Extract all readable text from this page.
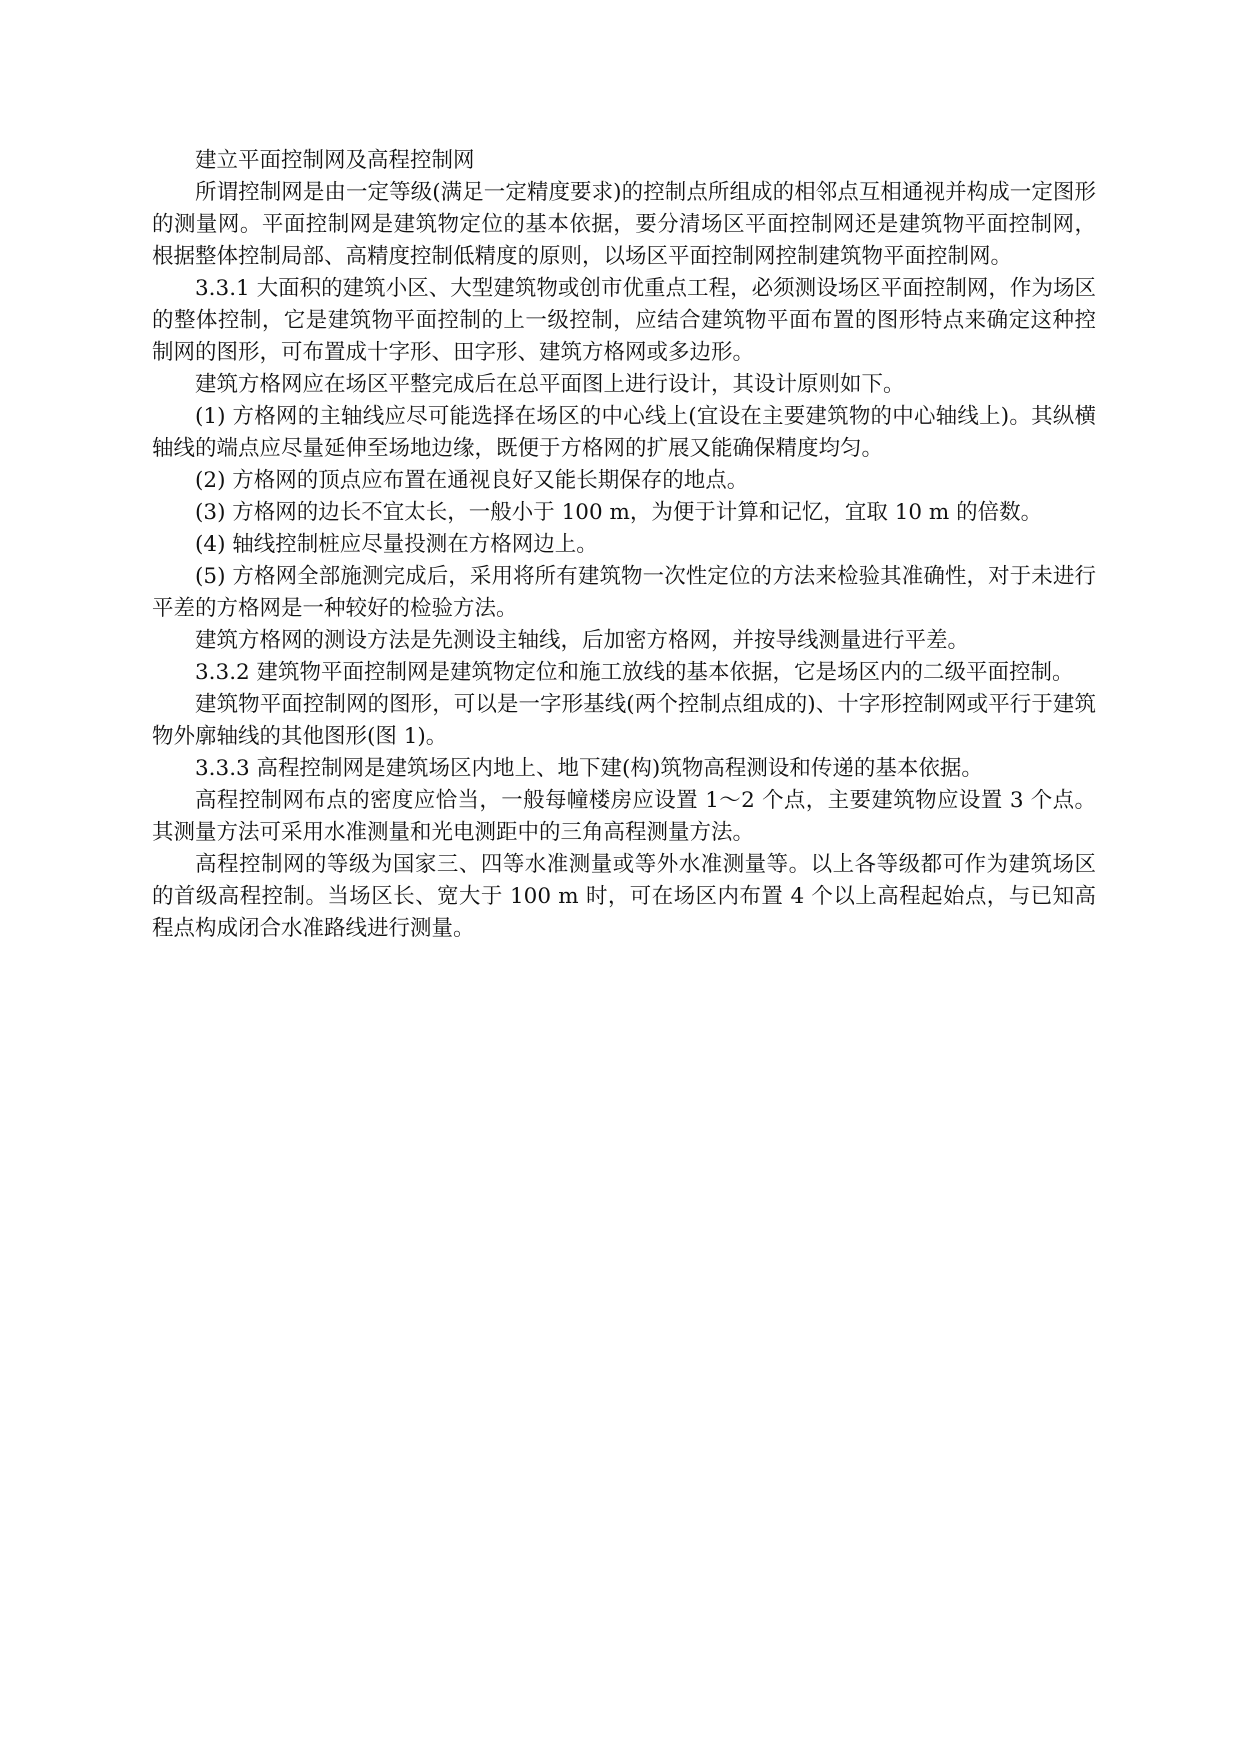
建立平面控制网及高程控制网

所谓控制网是由一定等级(满足一定精度要求)的控制点所组成的相邻点互相通视并构成一定图形的测量网。平面控制网是建筑物定位的基本依据，要分清场区平面控制网还是建筑物平面控制网，根据整体控制局部、高精度控制低精度的原则，以场区平面控制网控制建筑物平面控制网。

3.3.1 大面积的建筑小区、大型建筑物或创市优重点工程，必须测设场区平面控制网，作为场区的整体控制，它是建筑物平面控制的上一级控制，应结合建筑物平面布置的图形特点来确定这种控制网的图形，可布置成十字形、田字形、建筑方格网或多边形。

建筑方格网应在场区平整完成后在总平面图上进行设计，其设计原则如下。

(1) 方格网的主轴线应尽可能选择在场区的中心线上(宜设在主要建筑物的中心轴线上)。其纵横轴线的端点应尽量延伸至场地边缘，既便于方格网的扩展又能确保精度均匀。

(2) 方格网的顶点应布置在通视良好又能长期保存的地点。

(3) 方格网的边长不宜太长，一般小于 100 m，为便于计算和记忆，宜取 10 m 的倍数。

(4) 轴线控制桩应尽量投测在方格网边上。

(5) 方格网全部施测完成后，采用将所有建筑物一次性定位的方法来检验其准确性，对于未进行平差的方格网是一种较好的检验方法。

建筑方格网的测设方法是先测设主轴线，后加密方格网，并按导线测量进行平差。

3.3.2 建筑物平面控制网是建筑物定位和施工放线的基本依据，它是场区内的二级平面控制。

建筑物平面控制网的图形，可以是一字形基线(两个控制点组成的)、十字形控制网或平行于建筑物外廓轴线的其他图形(图 1)。

3.3.3 高程控制网是建筑场区内地上、地下建(构)筑物高程测设和传递的基本依据。

高程控制网布点的密度应恰当，一般每幢楼房应设置 1～2 个点，主要建筑物应设置 3 个点。其测量方法可采用水准测量和光电测距中的三角高程测量方法。

高程控制网的等级为国家三、四等水准测量或等外水准测量等。以上各等级都可作为建筑场区的首级高程控制。当场区长、宽大于 100 m 时，可在场区内布置 4 个以上高程起始点，与已知高程点构成闭合水准路线进行测量。
